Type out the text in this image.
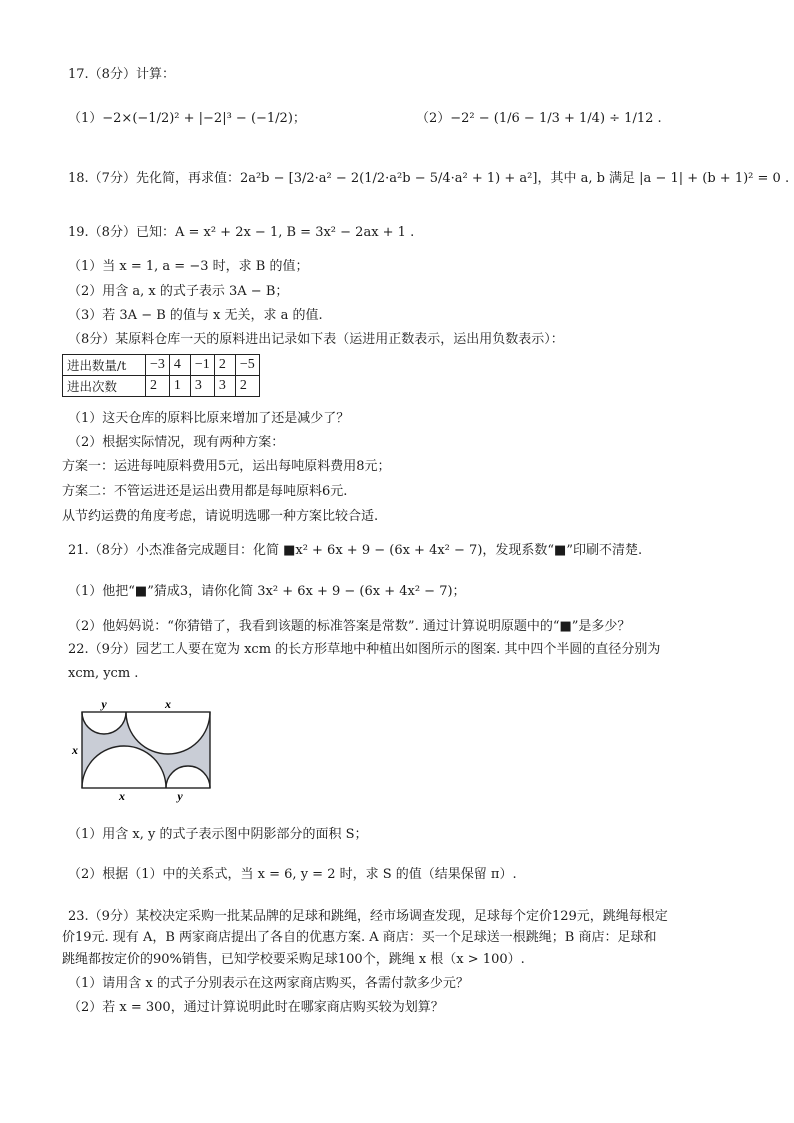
17.（8分）计算：
（1）−2×(−1/2)² + |−2|³ − (−1/2)；	（2）−2² − (1/6 − 1/3 + 1/4) ÷ 1/12 .
18.（7分）先化简，再求值：2a²b − [3/2·a² − 2(1/2·a²b − 5/4·a² + 1) + a²]，其中 a, b 满足 |a − 1| + (b + 1)² = 0 .
19.（8分）已知：A = x² + 2x − 1, B = 3x² − 2ax + 1 .
（1）当 x = 1, a = −3 时，求 B 的值；
（2）用含 a, x 的式子表示 3A − B；
（3）若 3A − B 的值与 x 无关，求 a 的值.
（8分）某原料仓库一天的原料进出记录如下表（运进用正数表示，运出用负数表示）：
进出数量/t	−3	4	−1	2	−5
进出次数	2	1	3	3	2
（1）这天仓库的原料比原来增加了还是减少了？
（2）根据实际情况，现有两种方案：
方案一：运进每吨原料费用5元，运出每吨原料费用8元；
方案二：不管运进还是运出费用都是每吨原料6元.
从节约运费的角度考虑，请说明选哪一种方案比较合适.
21.（8分）小杰准备完成题目：化简 ■x² + 6x + 9 − (6x + 4x² − 7)，发现系数“■”印刷不清楚.
（1）他把“■”猜成3，请你化简 3x² + 6x + 9 − (6x + 4x² − 7)；
（2）他妈妈说：“你猜错了，我看到该题的标准答案是常数”. 通过计算说明原题中的“■”是多少？
22.（9分）园艺工人要在宽为 xcm 的长方形草地中种植出如图所示的图案. 其中四个半圆的直径分别为
xcm, ycm .
y	x
x
x	y
（1）用含 x, y 的式子表示图中阴影部分的面积 S；
（2）根据（1）中的关系式，当 x = 6, y = 2 时，求 S 的值（结果保留 π）.
23.（9分）某校决定采购一批某品牌的足球和跳绳，经市场调查发现，足球每个定价129元，跳绳每根定
价19元. 现有 A，B 两家商店提出了各自的优惠方案. A 商店：买一个足球送一根跳绳；B 商店：足球和
跳绳都按定价的90%销售，已知学校要采购足球100个，跳绳 x 根（x > 100）.
（1）请用含 x 的式子分别表示在这两家商店购买，各需付款多少元？
（2）若 x = 300，通过计算说明此时在哪家商店购买较为划算？
